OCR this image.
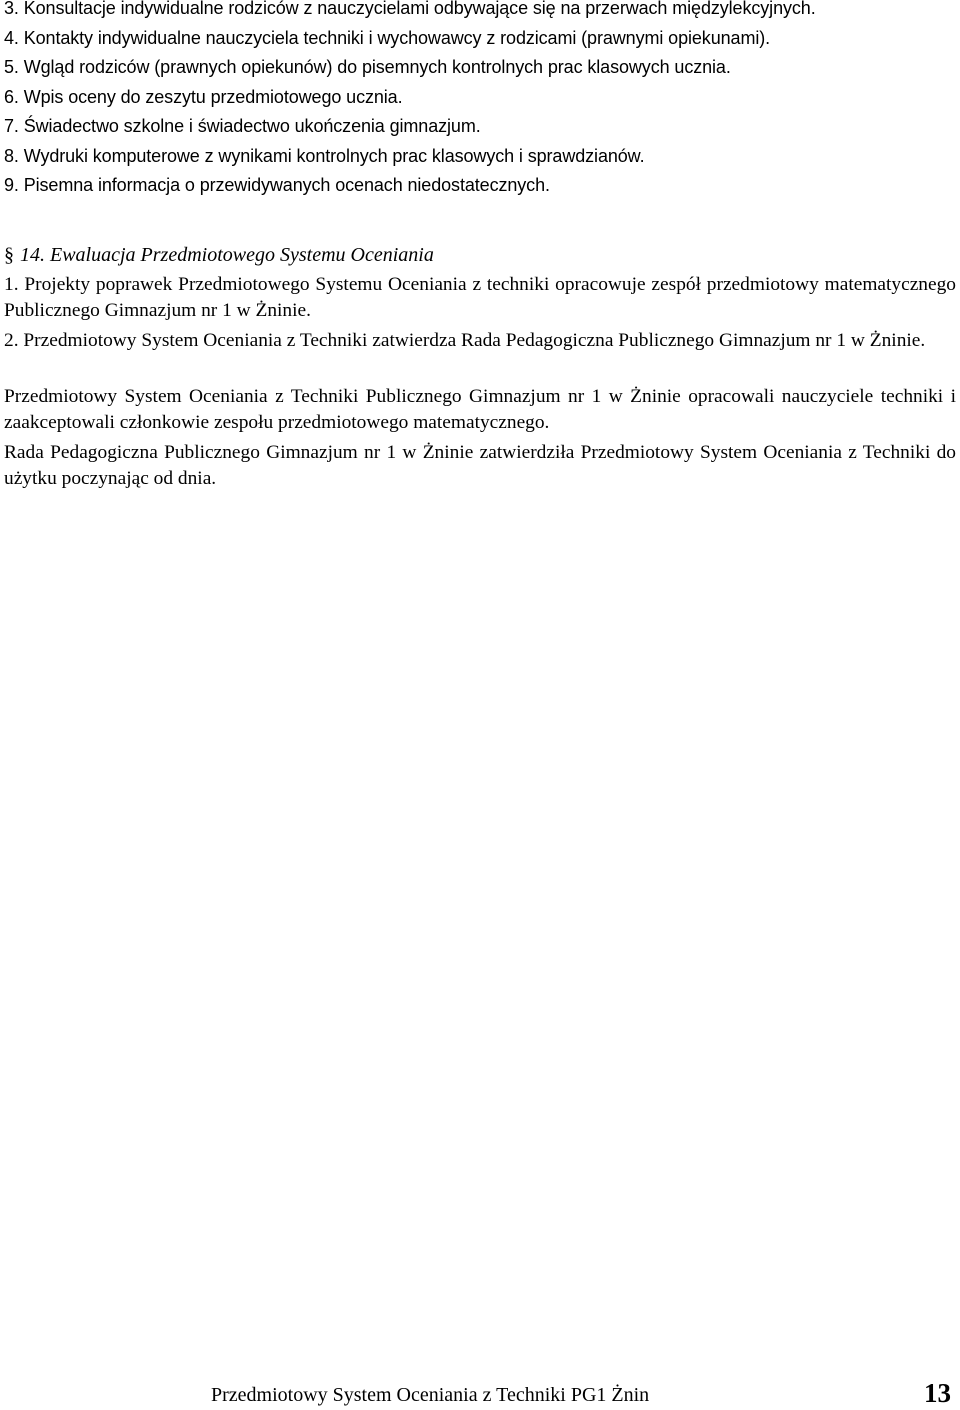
3. Konsultacje indywidualne rodziców z nauczycielami odbywające się na przerwach międzylekcyjnych.
4. Kontakty indywidualne nauczyciela techniki i wychowawcy z rodzicami (prawnymi opiekunami).
5. Wgląd rodziców (prawnych opiekunów) do pisemnych kontrolnych prac klasowych ucznia.
6. Wpis oceny do zeszytu przedmiotowego ucznia.
7. Świadectwo szkolne i świadectwo ukończenia gimnazjum.
8. Wydruki komputerowe z wynikami kontrolnych prac klasowych i sprawdzianów.
9. Pisemna informacja o przewidywanych ocenach niedostatecznych.
§ 14. Ewaluacja Przedmiotowego Systemu Oceniania

1. Projekty poprawek Przedmiotowego Systemu Oceniania z techniki opracowuje zespół przedmiotowy matematycznego Publicznego Gimnazjum nr 1 w Żninie.

2. Przedmiotowy System Oceniania z Techniki zatwierdza Rada Pedagogiczna Publicznego Gimnazjum nr 1 w Żninie.

Przedmiotowy System Oceniania z Techniki Publicznego Gimnazjum nr 1 w Żninie opracowali nauczyciele techniki i zaakceptowali członkowie zespołu przedmiotowego matematycznego.

Rada Pedagogiczna Publicznego Gimnazjum nr 1 w Żninie zatwierdziła Przedmiotowy System Oceniania z Techniki do użytku poczynając od dnia.

Przedmiotowy System Oceniania z Techniki PG1 Żnin	13
